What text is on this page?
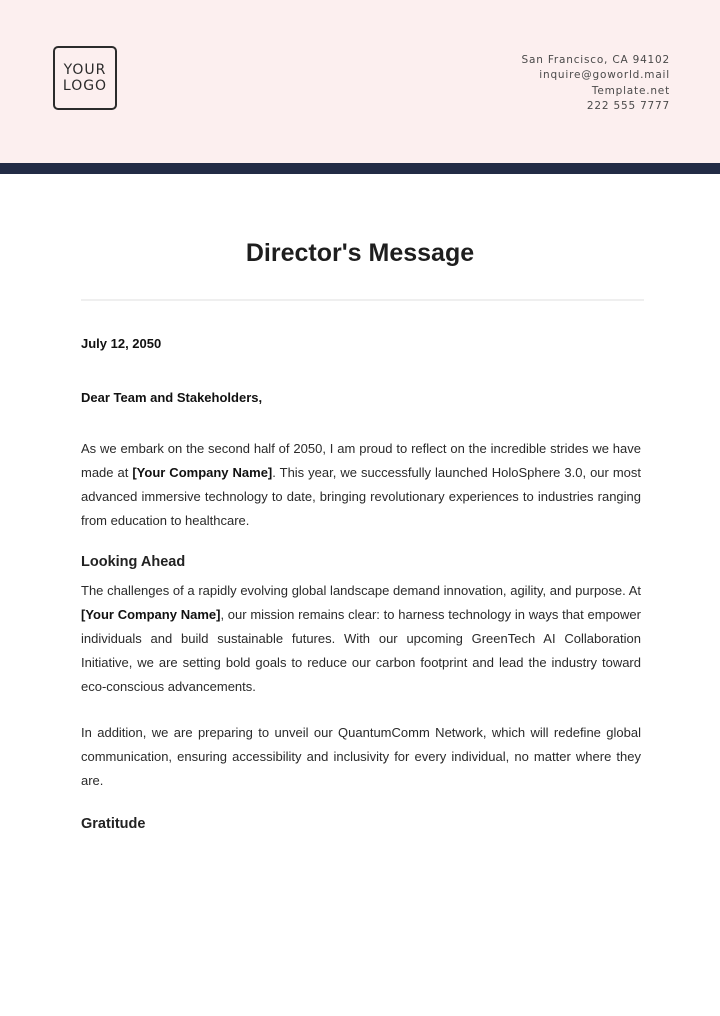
YOUR
LOGO
San Francisco, CA 94102
inquire@goworld.mail
Template.net
222 555 7777
Director's Message

July 12, 2050

Dear Team and Stakeholders,

As we embark on the second half of 2050, I am proud to reflect on the incredible strides we have made at [Your Company Name]. This year, we successfully launched HoloSphere 3.0, our most advanced immersive technology to date, bringing revolutionary experiences to industries ranging from education to healthcare.

Looking Ahead

The challenges of a rapidly evolving global landscape demand innovation, agility, and purpose. At [Your Company Name], our mission remains clear: to harness technology in ways that empower individuals and build sustainable futures. With our upcoming GreenTech AI Collaboration Initiative, we are setting bold goals to reduce our carbon footprint and lead the industry toward eco-conscious advancements.

In addition, we are preparing to unveil our QuantumComm Network, which will redefine global communication, ensuring accessibility and inclusivity for every individual, no matter where they are.

Gratitude
